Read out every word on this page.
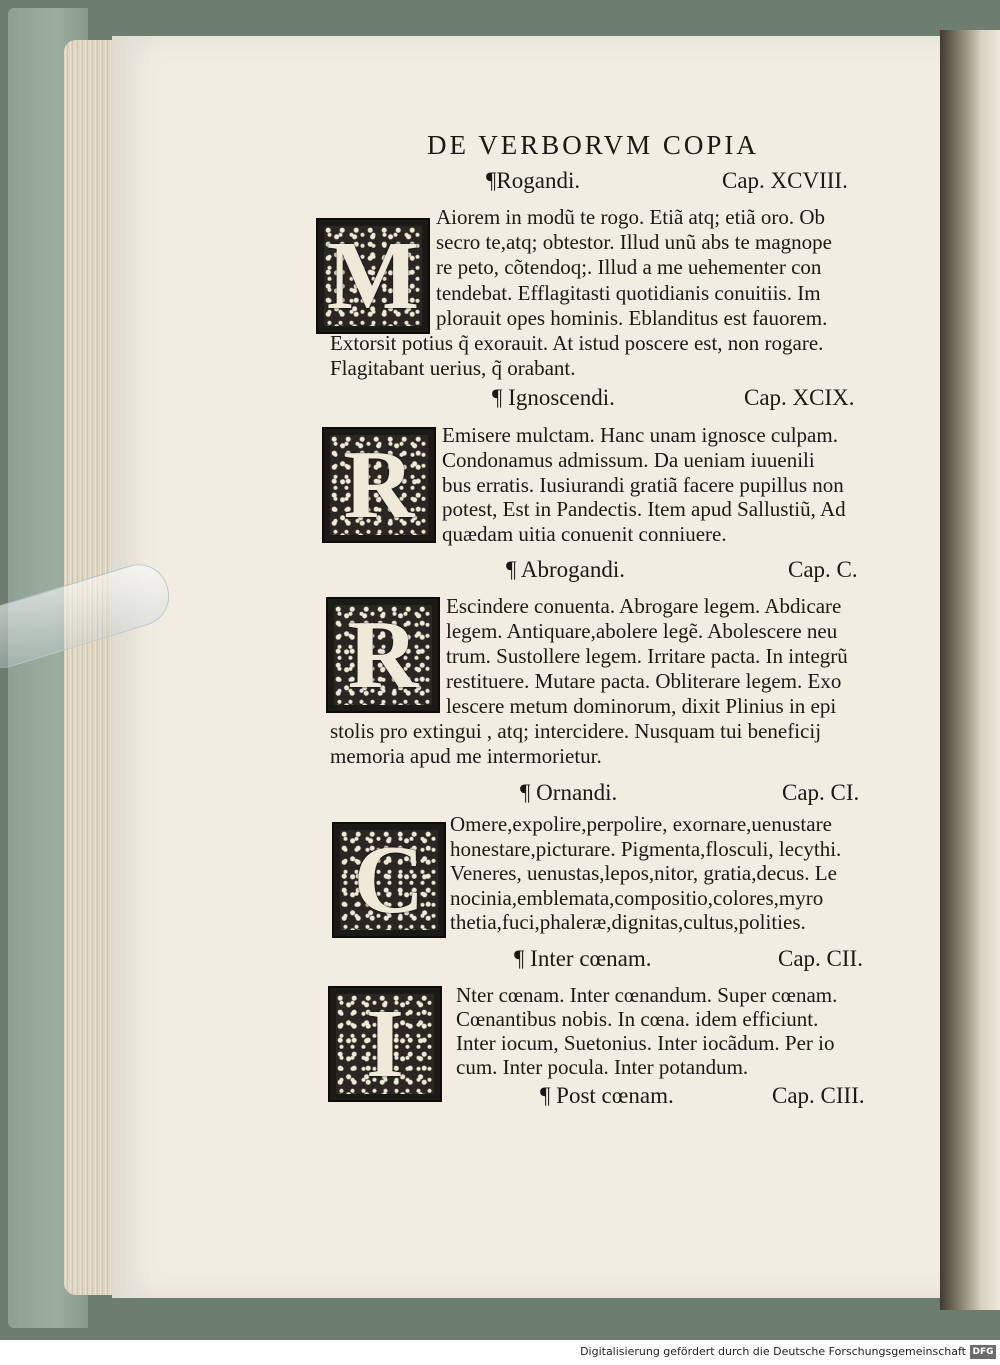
DE VERBORVM COPIA
¶Rogandi.	Cap. XCVIII.
M
Aiorem in modũ te rogo. Etiã atq; etiã oro. Ob
secro te,atq; obtestor. Illud unũ abs te magnope
re peto, cõtendoq;. Illud a me uehementer con
tendebat. Efflagitasti quotidianis conuitiis. Im
plorauit opes hominis. Eblanditus est fauorem.
Extorsit potius q̃ exorauit. At istud poscere est, non rogare.
Flagitabant uerius, q̃ orabant.
¶ Ignoscendi.	Cap. XCIX.
R	Emisere mulctam. Hanc unam ignosce culpam.
Condonamus admissum. Da ueniam iuuenili
bus erratis. Iusiurandi gratiã facere pupillus non
potest, Est in Pandectis. Item apud Sallustiũ, Ad
quædam uitia conuenit conniuere.
¶ Abrogandi.	Cap. C.
R	Escindere conuenta. Abrogare legem. Abdicare
legem. Antiquare,abolere legẽ. Abolescere neu
trum. Sustollere legem. Irritare pacta. In integrũ
restituere. Mutare pacta. Obliterare legem. Exo
lescere metum dominorum, dixit Plinius in epi
stolis pro extingui , atq; intercidere. Nusquam tui beneficij
memoria apud me intermorietur.
¶ Ornandi.	Cap. CI.
C
Omere,expolire,perpolire, exornare,uenustare
honestare,picturare. Pigmenta,flosculi, lecythi.
Veneres, uenustas,lepos,nitor, gratia,decus. Le
nocinia,emblemata,compositio,colores,myro
thetia,fuci,phaleræ,dignitas,cultus,polities.
¶ Inter cœnam.	Cap. CII.
I	Nter cœnam. Inter cœnandum. Super cœnam.
Cœnantibus nobis. In cœna. idem efficiunt.
Inter iocum, Suetonius. Inter iocãdum. Per io
cum. Inter pocula. Inter potandum.
¶ Post cœnam.	Cap. CIII.
Digitalisierung gefördert durch die Deutsche Forschungsgemeinschaft DFG
